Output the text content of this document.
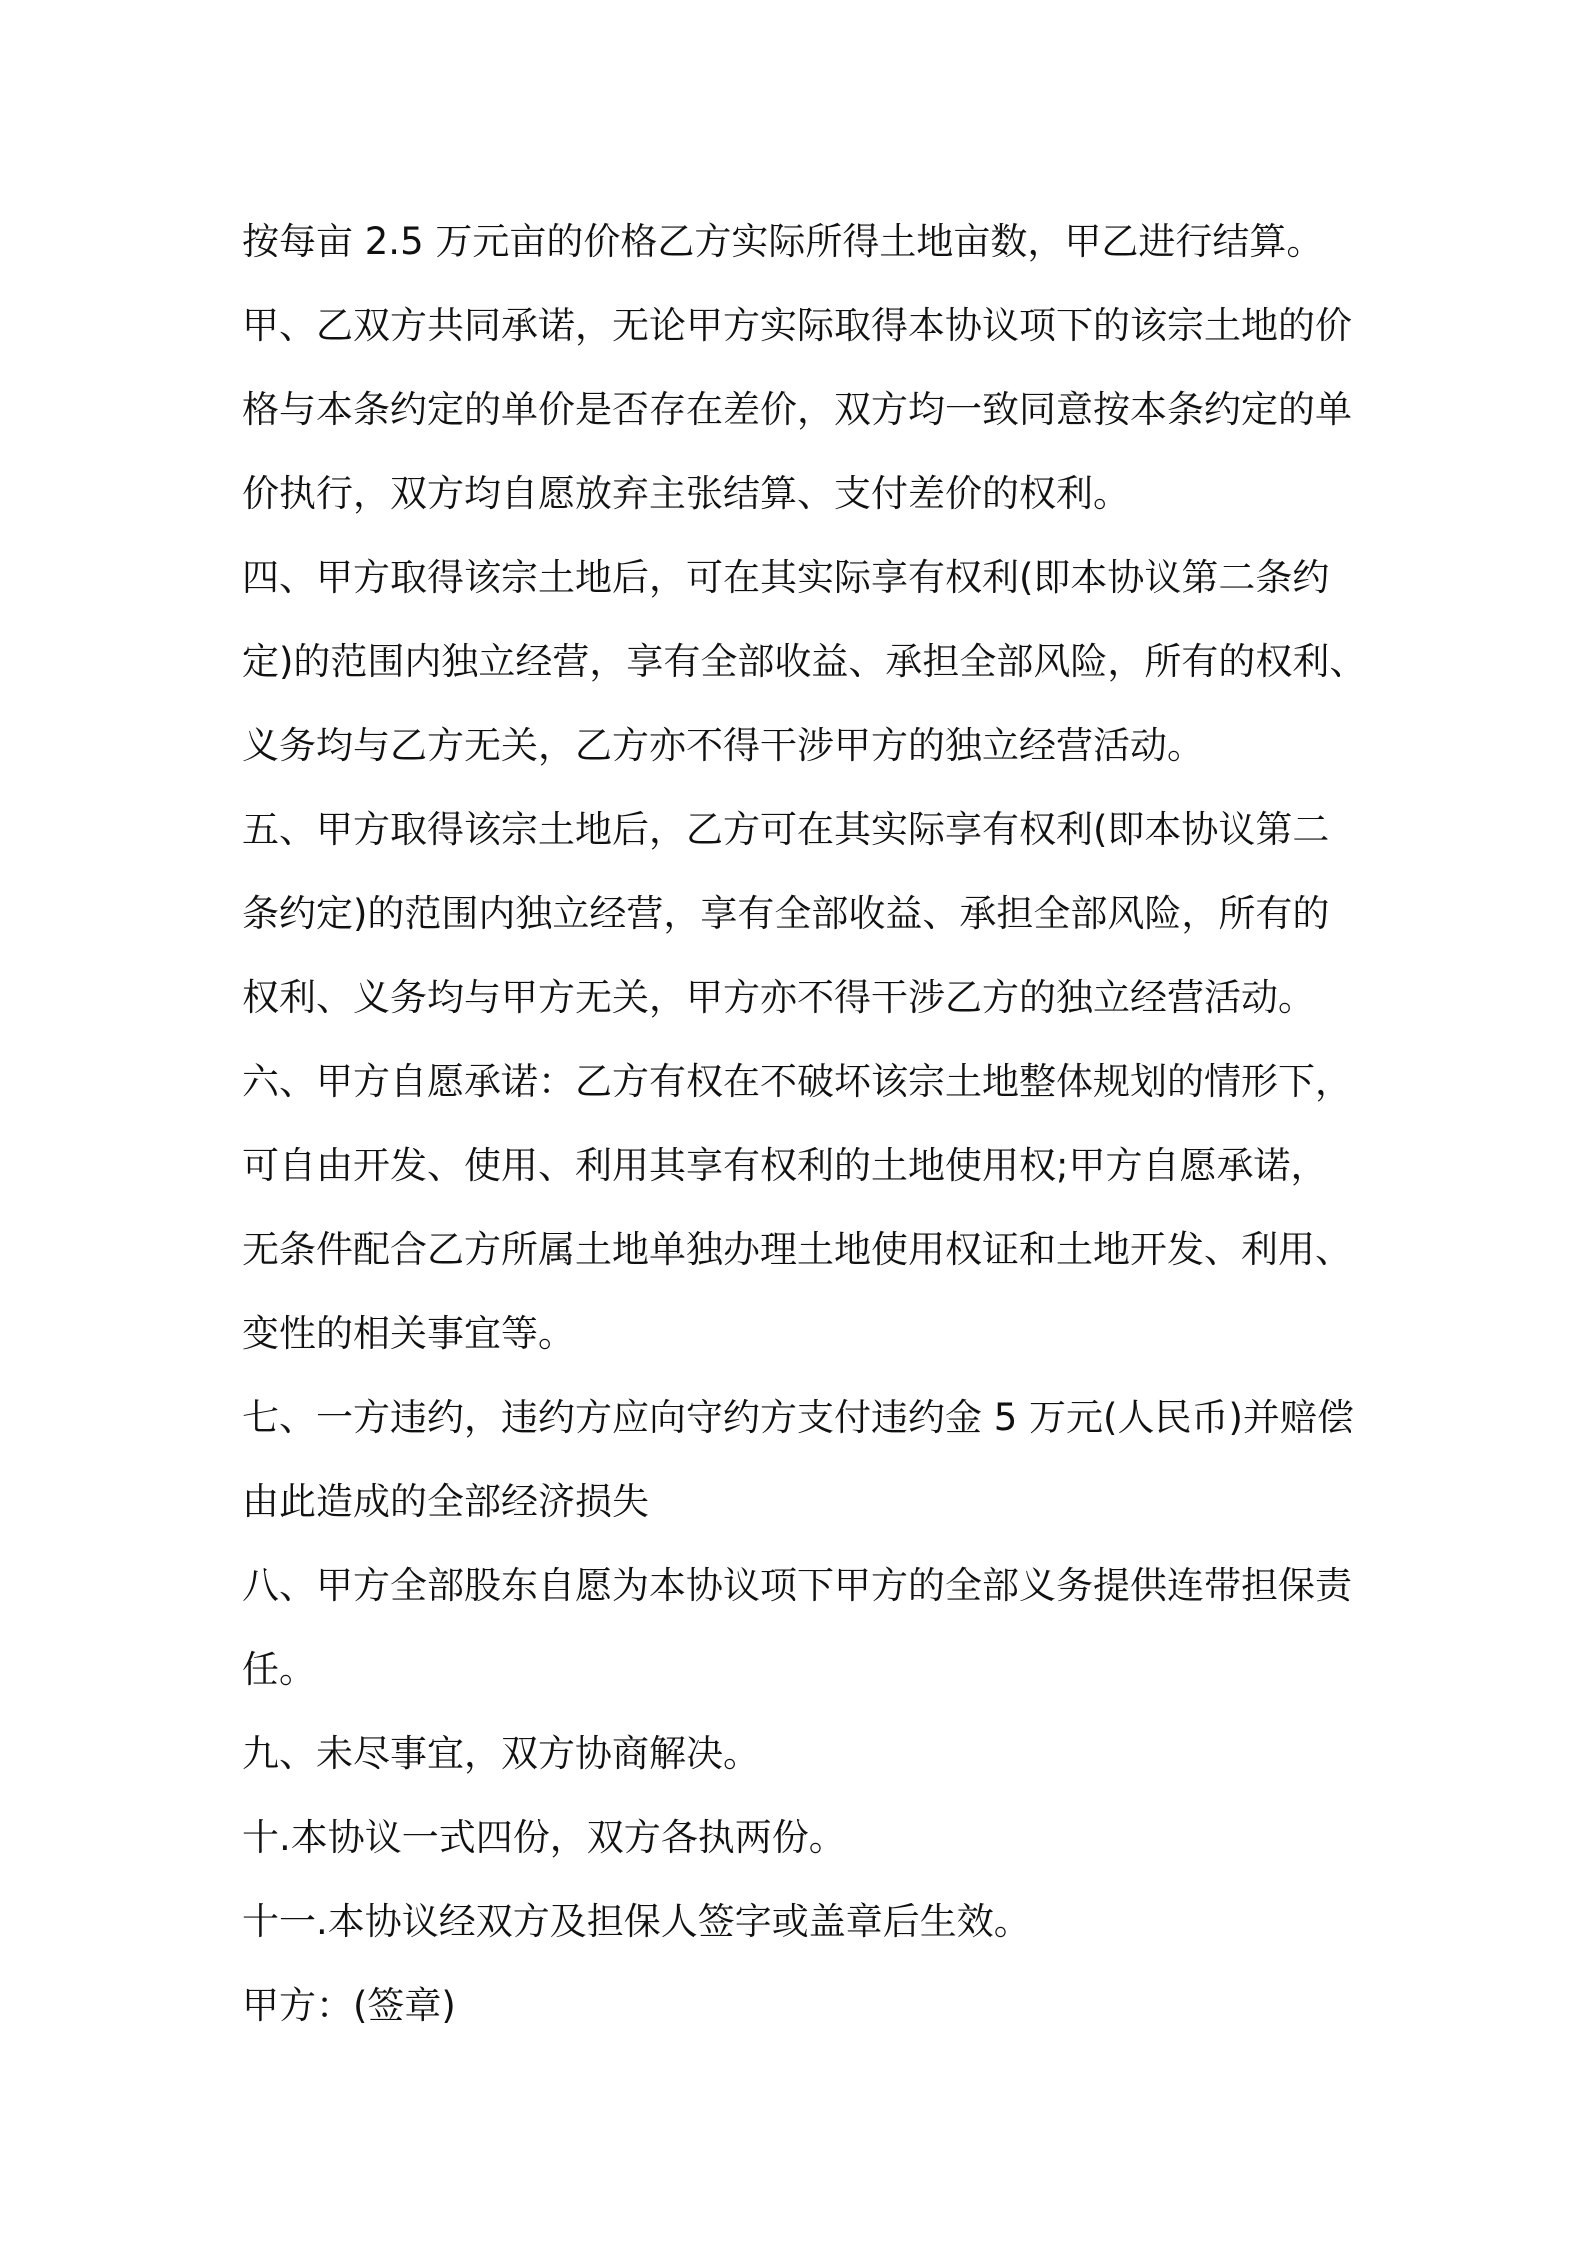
按每亩 2.5 万元亩的价格乙方实际所得土地亩数，甲乙进行结算。
甲、乙双方共同承诺，无论甲方实际取得本协议项下的该宗土地的价
格与本条约定的单价是否存在差价，双方均一致同意按本条约定的单
价执行，双方均自愿放弃主张结算、支付差价的权利。
四、甲方取得该宗土地后，可在其实际享有权利(即本协议第二条约
定)的范围内独立经营，享有全部收益、承担全部风险，所有的权利、
义务均与乙方无关，乙方亦不得干涉甲方的独立经营活动。
五、甲方取得该宗土地后，乙方可在其实际享有权利(即本协议第二
条约定)的范围内独立经营，享有全部收益、承担全部风险，所有的
权利、义务均与甲方无关，甲方亦不得干涉乙方的独立经营活动。
六、甲方自愿承诺：乙方有权在不破坏该宗土地整体规划的情形下，
可自由开发、使用、利用其享有权利的土地使用权;甲方自愿承诺，
无条件配合乙方所属土地单独办理土地使用权证和土地开发、利用、
变性的相关事宜等。
七、一方违约，违约方应向守约方支付违约金 5 万元(人民币)并赔偿
由此造成的全部经济损失
八、甲方全部股东自愿为本协议项下甲方的全部义务提供连带担保责
任。
九、未尽事宜，双方协商解决。
十.本协议一式四份，双方各执两份。
十一.本协议经双方及担保人签字或盖章后生效。
甲方：(签章)
